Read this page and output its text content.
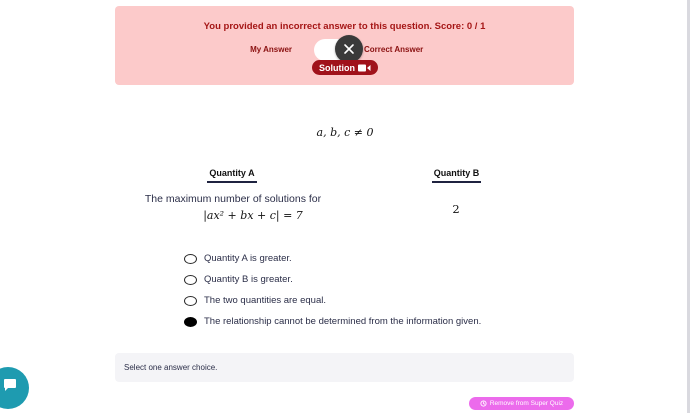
You provided an incorrect answer to this question. Score: 0 / 1
My Answer	Correct Answer
Solution
a, b, c ≠ 0
Quantity A	Quantity B
The maximum number of solutions for
|ax² + bx + c| = 7	2
Quantity A is greater.
Quantity B is greater.
The two quantities are equal.
The relationship cannot be determined from the information given.
Select one answer choice.
Remove from Super Quiz
